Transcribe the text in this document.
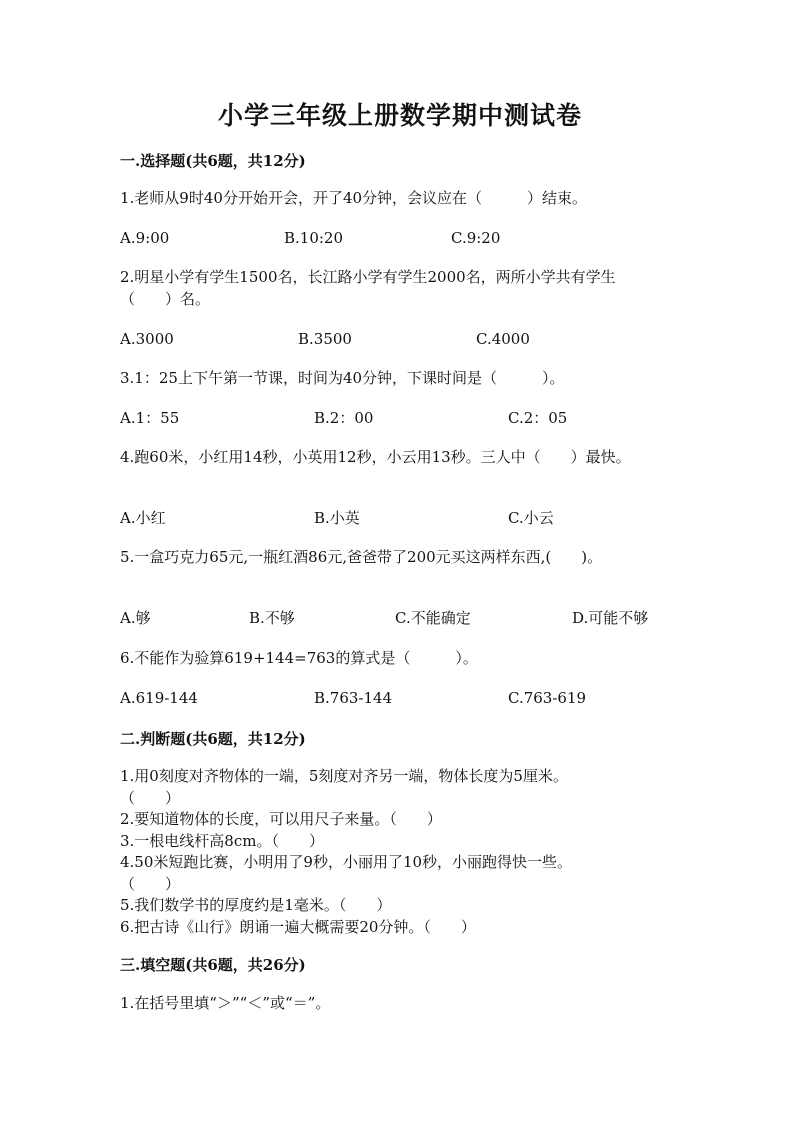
小学三年级上册数学期中测试卷
一.选择题(共6题，共12分)
1.老师从9时40分开始开会，开了40分钟，会议应在（　　　）结束。
A.9:00	B.10:20	C.9:20
2.明星小学有学生1500名，长江路小学有学生2000名，两所小学共有学生
（　　）名。
A.3000	B.3500	C.4000
3.1：25上下午第一节课，时间为40分钟，下课时间是（　　　）。
A.1：55	B.2：00	C.2：05
4.跑60米，小红用14秒，小英用12秒，小云用13秒。三人中（　　）最快。
A.小红	B.小英	C.小云
5.一盒巧克力65元,一瓶红酒86元,爸爸带了200元买这两样东西,(　　)。
A.够	B.不够	C.不能确定	D.可能不够
6.不能作为验算619+144=763的算式是（　　　）。
A.619-144	B.763-144	C.763-619
二.判断题(共6题，共12分)
1.用0刻度对齐物体的一端，5刻度对齐另一端，物体长度为5厘米。
（　　）
2.要知道物体的长度，可以用尺子来量。（　　）
3.一根电线杆高8cm。（　　）
4.50米短跑比赛，小明用了9秒，小丽用了10秒，小丽跑得快一些。
（　　）
5.我们数学书的厚度约是1毫米。（　　）
6.把古诗《山行》朗诵一遍大概需要20分钟。（　　）
三.填空题(共6题，共26分)
1.在括号里填“＞”“＜”或“＝”。
